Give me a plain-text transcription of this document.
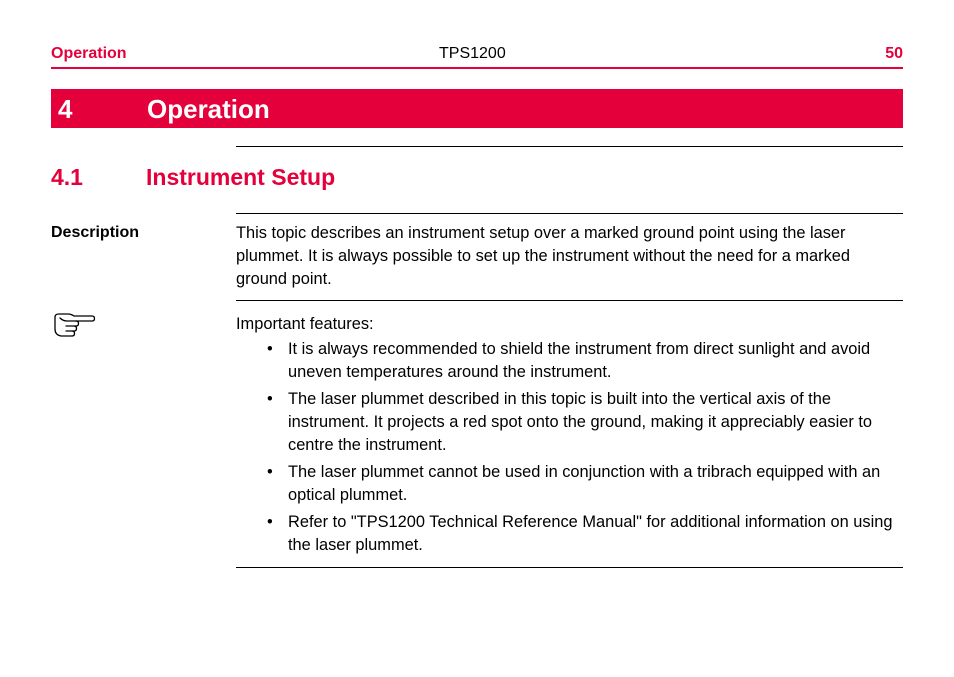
Operation	TPS1200	50
4	Operation
4.1	Instrument Setup
Description	This topic describes an instrument setup over a marked ground point using the laser plummet. It is always possible to set up the instrument without the need for a marked ground point.
Important features:
• It is always recommended to shield the instrument from direct sunlight and avoid uneven temperatures around the instrument.
• The laser plummet described in this topic is built into the vertical axis of the instrument. It projects a red spot onto the ground, making it appreciably easier to centre the instrument.
• The laser plummet cannot be used in conjunction with a tribrach equipped with an optical plummet.
• Refer to "TPS1200 Technical Reference Manual" for additional information on using the laser plummet.
